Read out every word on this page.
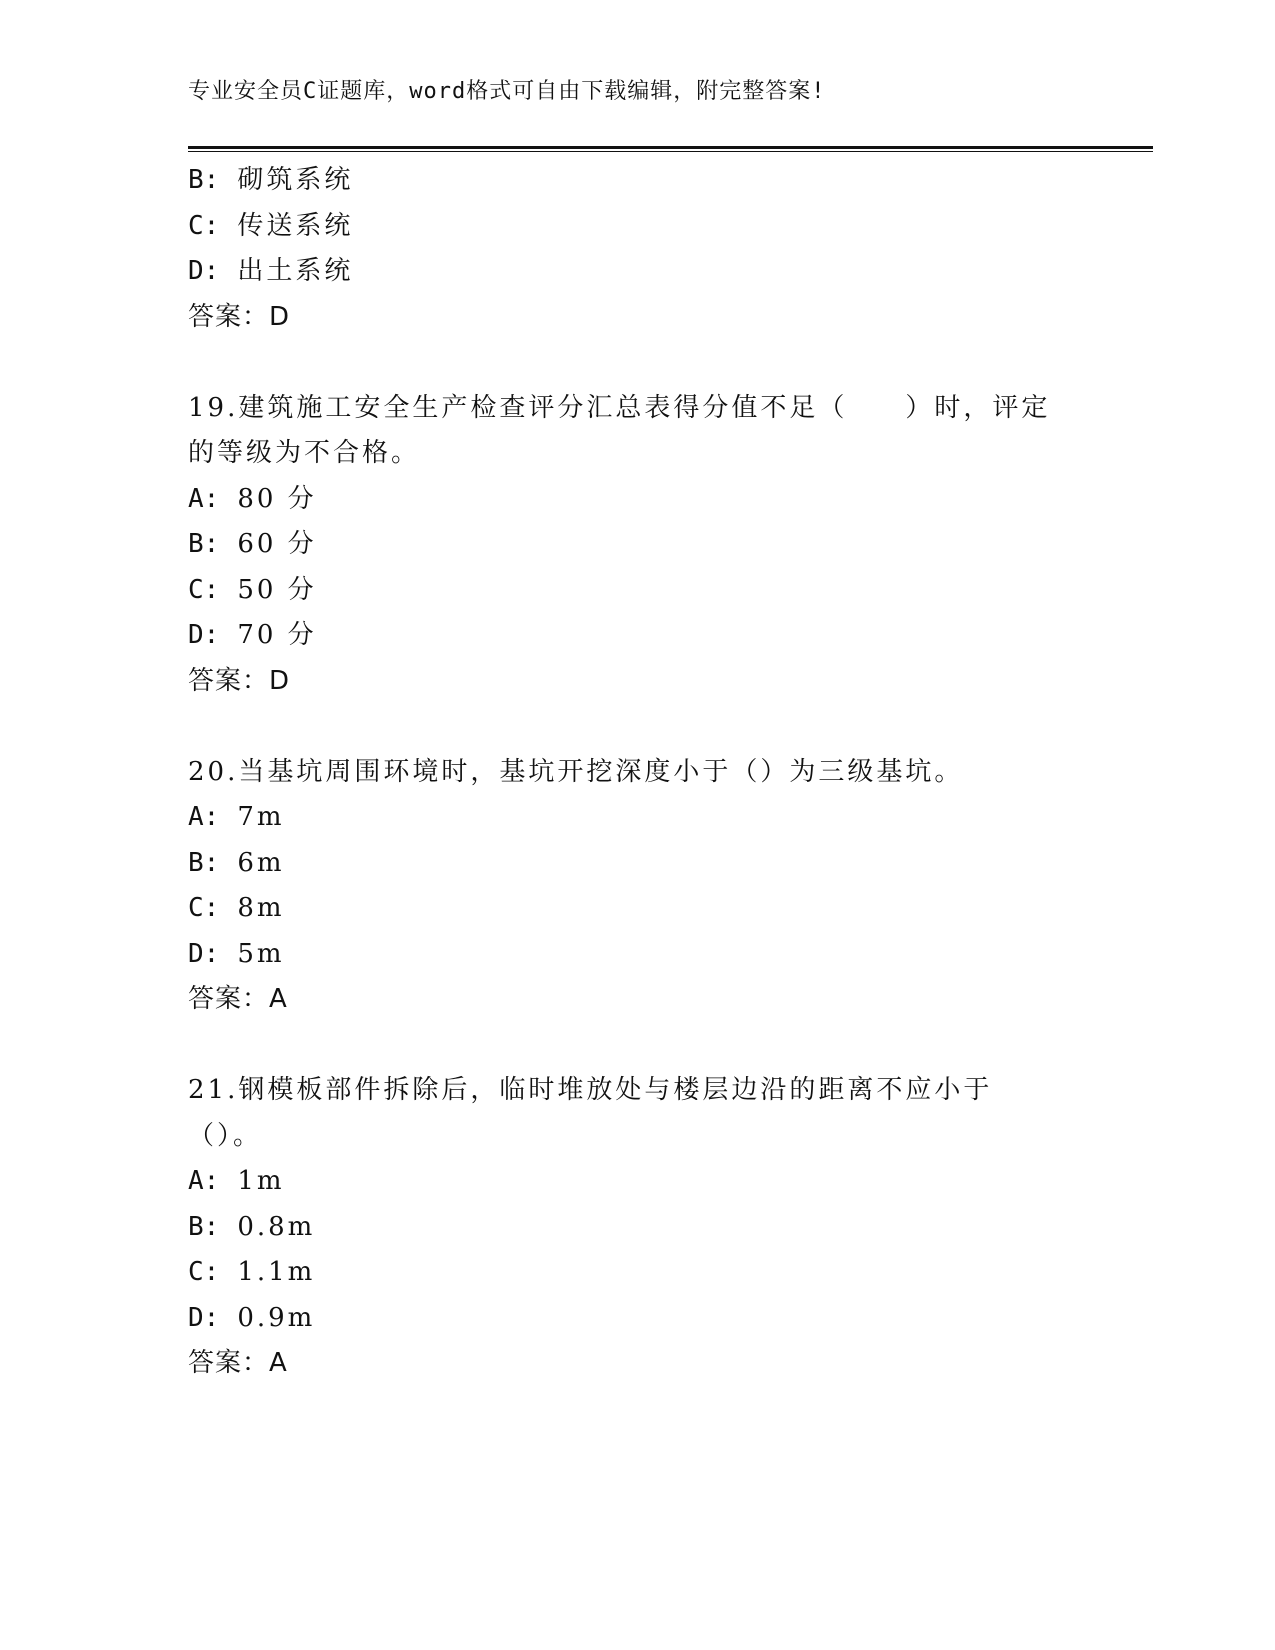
专业安全员C证题库，word格式可自由下载编辑，附完整答案!
B: 砌筑系统
C: 传送系统
D: 出土系统
答案：D
19.建筑施工安全生产检查评分汇总表得分值不足（　　）时，评定的等级为不合格。
A: 80 分
B: 60 分
C: 50 分
D: 70 分
答案：D
20.当基坑周围环境时，基坑开挖深度小于（）为三级基坑。
A: 7m
B: 6m
C: 8m
D: 5m
答案：A
21.钢模板部件拆除后，临时堆放处与楼层边沿的距离不应小于（）。
A: 1m
B: 0.8m
C: 1.1m
D: 0.9m
答案：A
